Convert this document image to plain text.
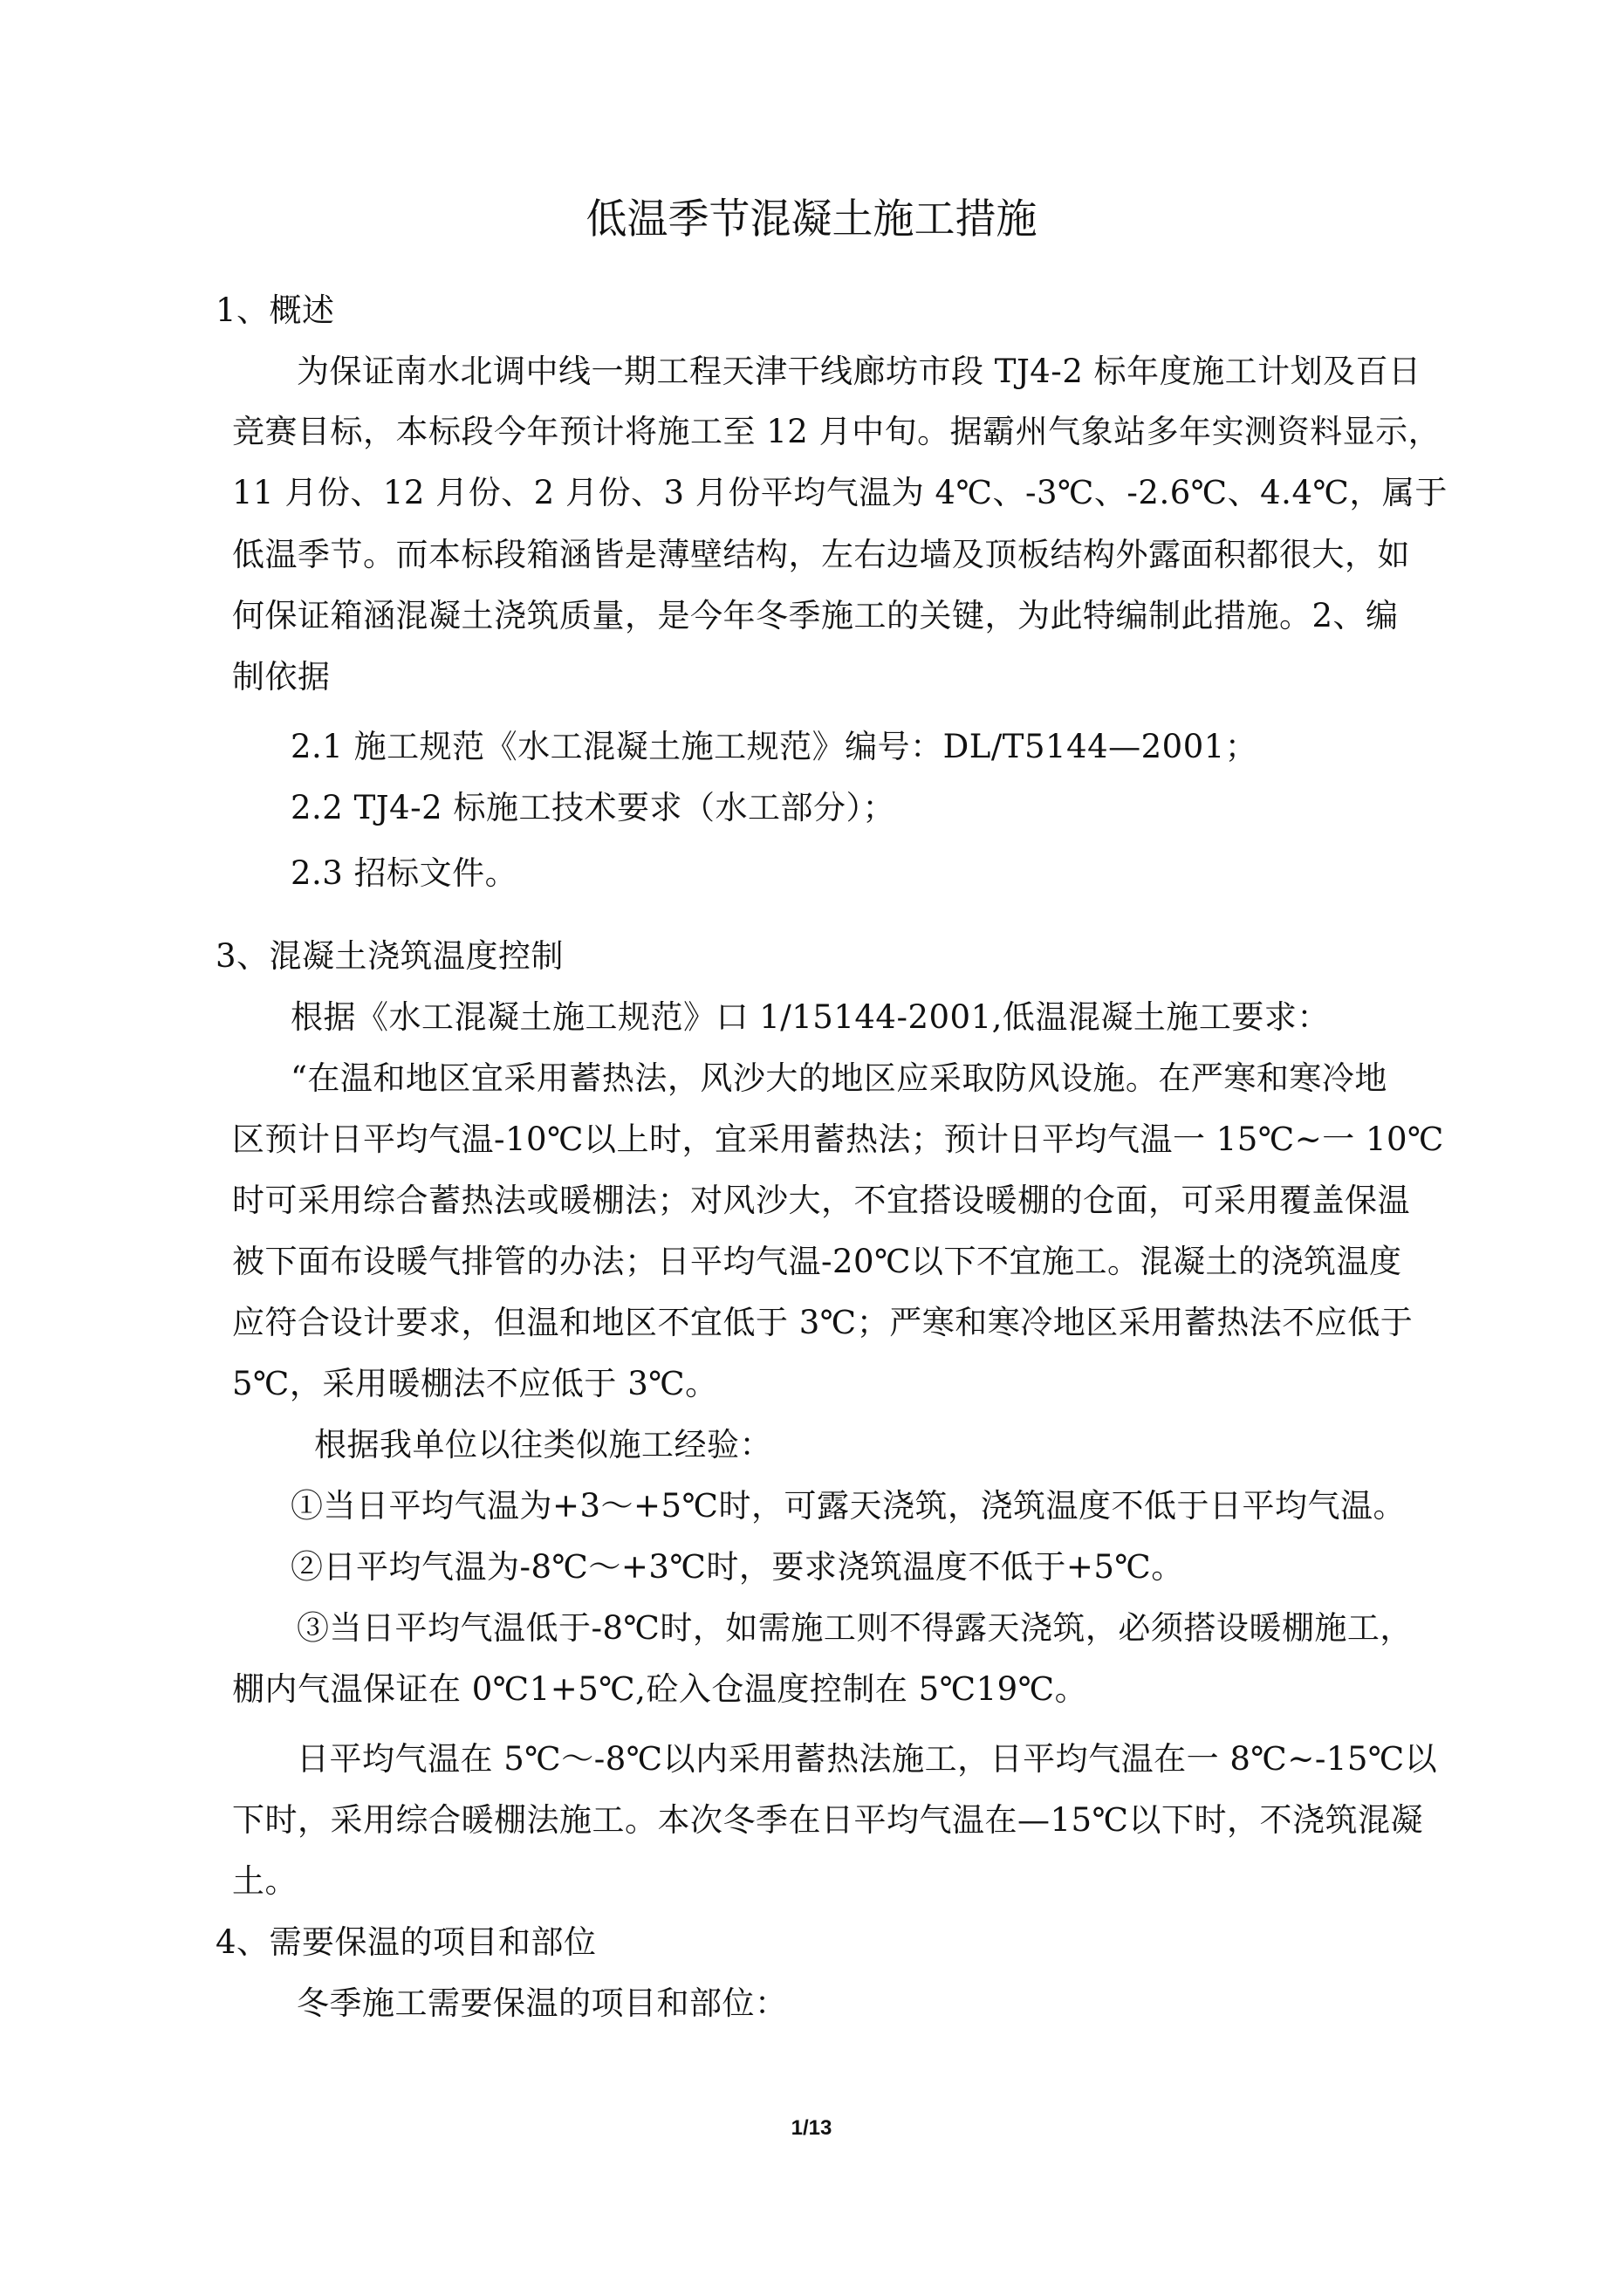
低温季节混凝土施工措施
1、概述
为保证南水北调中线一期工程天津干线廊坊市段 TJ4-2 标年度施工计划及百日
竞赛目标，本标段今年预计将施工至 12 月中旬。据霸州气象站多年实测资料显示，
11 月份、12 月份、2 月份、3 月份平均气温为 4℃、-3℃、-2.6℃、4.4℃，属于
低温季节。而本标段箱涵皆是薄壁结构，左右边墙及顶板结构外露面积都很大，如
何保证箱涵混凝土浇筑质量，是今年冬季施工的关键，为此特编制此措施。2、编
制依据
2.1 施工规范《水工混凝土施工规范》编号：DL/T5144—2001；
2.2 TJ4-2 标施工技术要求（水工部分）；
2.3 招标文件。
3、混凝土浇筑温度控制
根据《水工混凝土施工规范》口 1/15144-2001,低温混凝土施工要求：
“在温和地区宜采用蓄热法，风沙大的地区应采取防风设施。在严寒和寒冷地
区预计日平均气温-10℃以上时，宜采用蓄热法；预计日平均气温一 15℃~一 10℃
时可采用综合蓄热法或暖棚法；对风沙大，不宜搭设暖棚的仓面，可采用覆盖保温
被下面布设暖气排管的办法；日平均气温-20℃以下不宜施工。混凝土的浇筑温度
应符合设计要求，但温和地区不宜低于 3℃；严寒和寒冷地区采用蓄热法不应低于
5℃，采用暖棚法不应低于 3℃。
根据我单位以往类似施工经验：
①当日平均气温为+3～+5℃时，可露天浇筑，浇筑温度不低于日平均气温。
②日平均气温为-8℃～+3℃时，要求浇筑温度不低于+5℃。
③当日平均气温低于-8℃时，如需施工则不得露天浇筑，必须搭设暖棚施工，
棚内气温保证在 0℃1+5℃,砼入仓温度控制在 5℃19℃。
日平均气温在 5℃～-8℃以内采用蓄热法施工，日平均气温在一 8℃~-15℃以
下时，采用综合暖棚法施工。本次冬季在日平均气温在—15℃以下时，不浇筑混凝
土。
4、需要保温的项目和部位
冬季施工需要保温的项目和部位：
1/13
